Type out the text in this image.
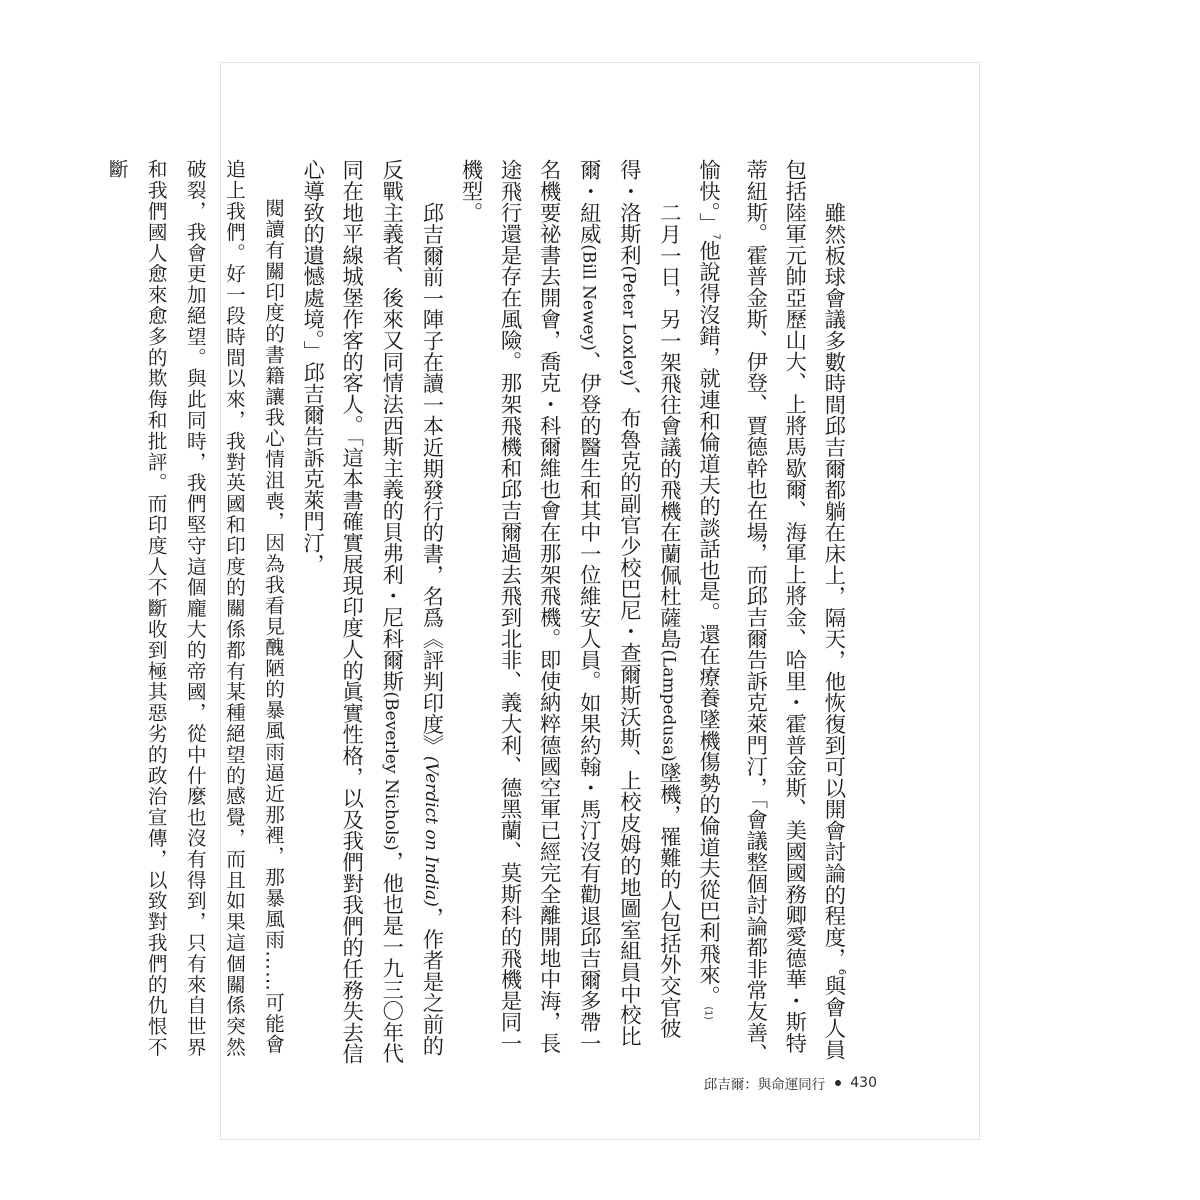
雖然板球會議多數時間邱吉爾都躺在床上，隔天，他恢復到可以開會討論的程度，$^6$與會人員包括陸軍元帥亞歷山大、上將馬歇爾、海軍上將金、哈里・霍普金斯、美國國務卿愛德華・斯特蒂紐斯。霍普金斯、伊登、賈德幹也在場，而邱吉爾告訴克萊門汀，「會議整個討論都非常友善、愉快。」$^7$他說得沒錯，就連和倫道夫的談話也是。還在療養墜機傷勢的倫道夫從巴利飛來。(1)

二月一日，另一架飛往會議的飛機在蘭佩杜薩島(Lampedusa)墜機，罹難的人包括外交官彼得・洛斯利(Peter Loxley)、布魯克的副官少校巴尼・查爾斯沃斯、上校皮姆的地圖室組員中校比爾・紐威(Bill Newey)、伊登的醫生和其中一位維安人員。如果約翰・馬汀沒有勸退邱吉爾多帶一名機要祕書去開會，喬克・科爾維也會在那架飛機。即使納粹德國空軍已經完全離開地中海，長途飛行還是存在風險。那架飛機和邱吉爾過去飛到北非、義大利、德黑蘭、莫斯科的飛機是同一機型。

邱吉爾前一陣子在讀一本近期發行的書，名爲《評判印度》(Verdict on India)，作者是之前的反戰主義者、後來又同情法西斯主義的貝弗利・尼科爾斯(Beverley Nichols)，他也是一九三〇年代同在地平線城堡作客的客人。「這本書確實展現印度人的眞實性格，以及我們對我們的任務失去信心導致的遺憾處境。」邱吉爾告訴克萊門汀，

閱讀有關印度的書籍讓我心情沮喪，因為我看見醜陋的暴風雨逼近那裡，那暴風雨……可能會追上我們。好一段時間以來，我對英國和印度的關係都有某種絕望的感覺，而且如果這個關係突然破裂，我會更加絕望。與此同時，我們堅守這個龐大的帝國，從中什麼也沒有得到，只有來自世界和我們國人愈來愈多的欺侮和批評。而印度人不斷收到極其惡劣的政治宣傳，以致對我們的仇恨不斷

邱吉爾：與命運同行 430
